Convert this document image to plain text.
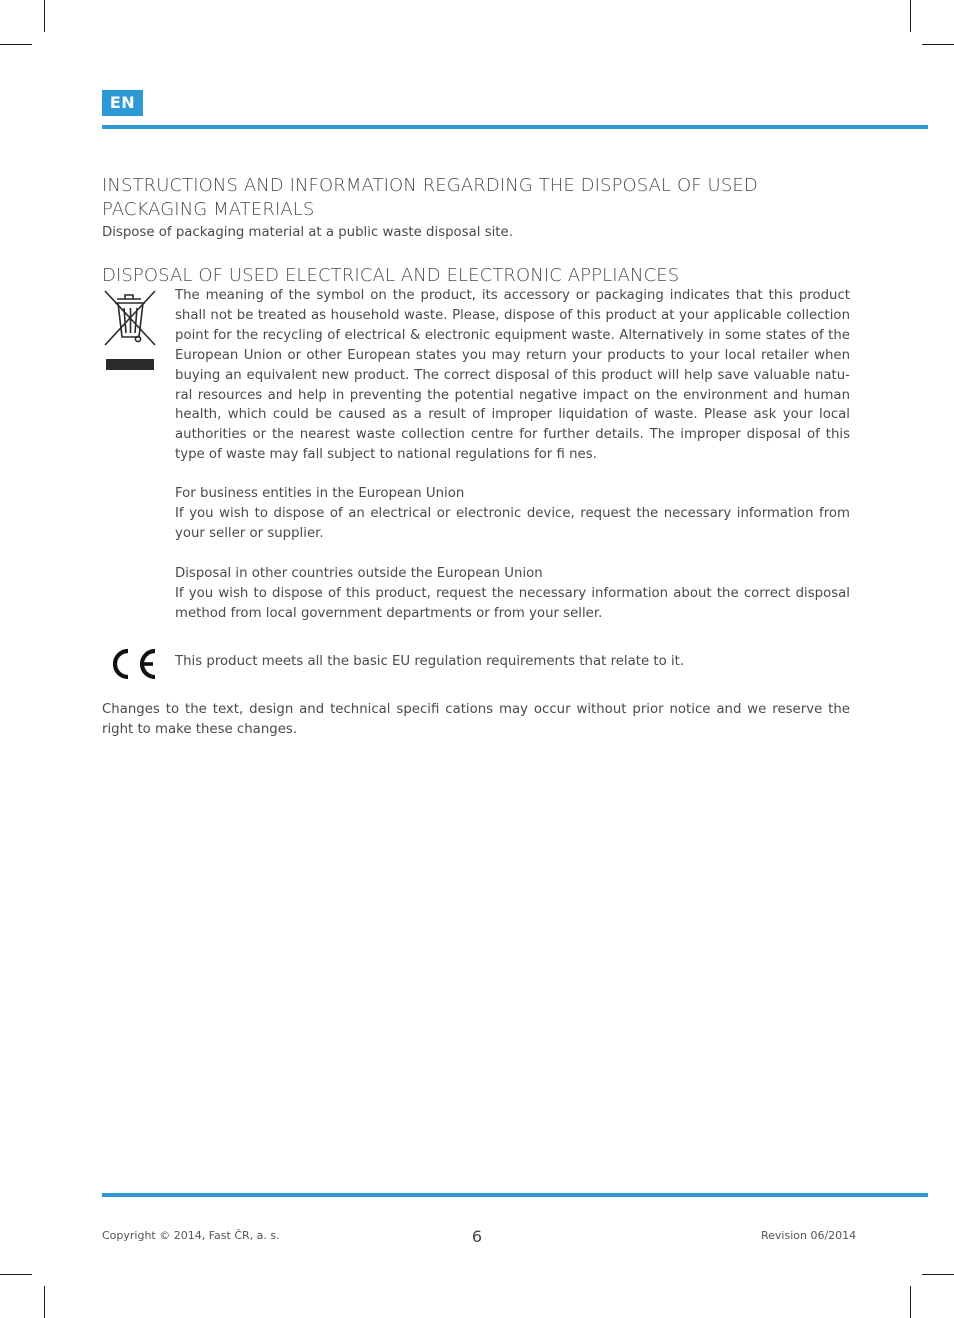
EN
INSTRUCTIONS AND INFORMATION REGARDING THE DISPOSAL OF USED
PACKAGING MATERIALS
Dispose of packaging material at a public waste disposal site.
DISPOSAL OF USED ELECTRICAL AND ELECTRONIC APPLIANCES
The meaning of the symbol on the product, its accessory or packaging indicates that this product shall not be treated as household waste. Please, dispose of this product at your applicable collection point for the recycling of electrical & electronic equipment waste. Alternatively in some states of the European Union or other European states you may return your products to your local retailer when buying an equivalent new product. The correct disposal of this product will help save valuable natu-ral resources and help in preventing the potential negative impact on the environment and human health, which could be caused as a result of improper liquidation of waste. Please ask your local authorities or the nearest waste collection centre for further details. The improper disposal of this type of waste may fall subject to national regulations for fi nes.
For business entities in the European Union
If you wish to dispose of an electrical or electronic device, request the necessary information from your seller or supplier.
Disposal in other countries outside the European Union
If you wish to dispose of this product, request the necessary information about the correct disposal method from local government departments or from your seller.
This product meets all the basic EU regulation requirements that relate to it.
Changes to the text, design and technical specifi cations may occur without prior notice and we reserve the right to make these changes.
Copyright © 2014, Fast ČR, a. s.	6	Revision 06/2014
